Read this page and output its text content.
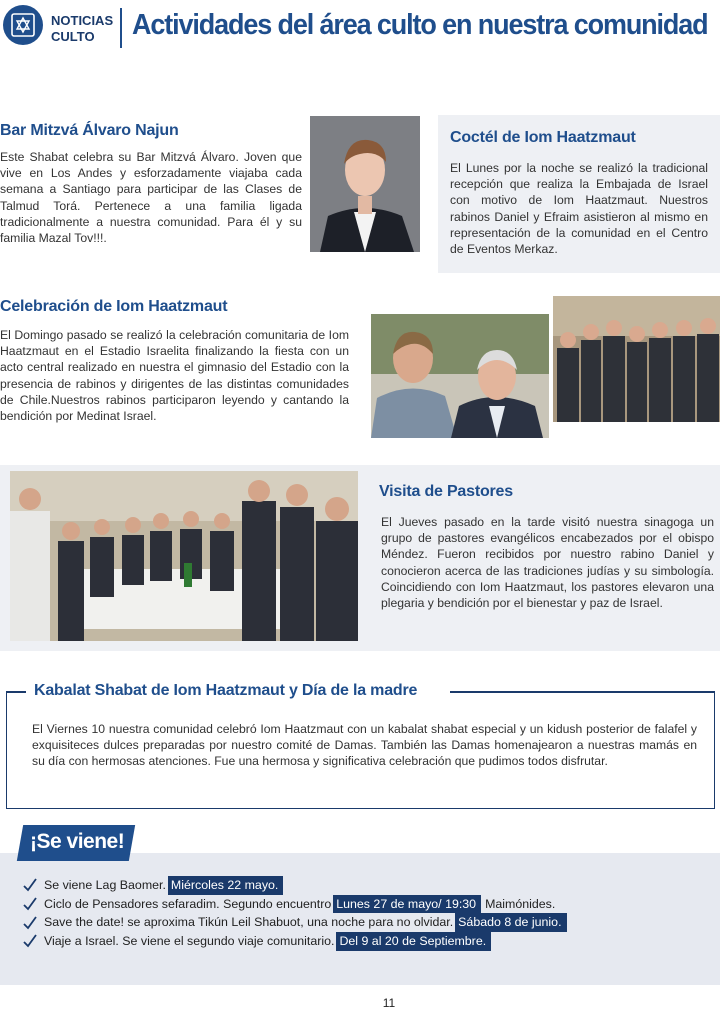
NOTICIAS
CULTO	Actividades del área culto en nuestra comunidad
Bar Mitzvá Álvaro Najun

Este Shabat celebra su Bar Mitzvá Álvaro. Joven que vive en Los Andes y esforzadamente viajaba cada semana a Santiago para participar de las Clases de Talmud Torá. Pertenece a una familia ligada tradicionalmente a nuestra comunidad. Para él y su familia Mazal Tov!!!.

Coctél de Iom Haatzmaut

El Lunes por la noche se realizó la tradicional recepción que realiza la Embajada de Israel con motivo de Iom Haatzmaut. Nuestros rabinos Daniel y Efraim asistieron al mismo en representación de la comunidad en el Centro de Eventos Merkaz.

Celebración de Iom Haatzmaut

El Domingo pasado se realizó la celebración comunitaria de Iom Haatzmaut en el Estadio Israelita finalizando la fiesta con un acto central realizado en nuestra el gimnasio del Estadio con la presencia de rabinos y dirigentes de las distintas comunidades de Chile.Nuestros rabinos participaron leyendo y cantando la bendición por Medinat Israel.

Visita de Pastores

El Jueves pasado en la tarde visitó nuestra sinagoga un grupo de pastores evangélicos encabezados por el obispo Méndez. Fueron recibidos por nuestro rabino Daniel y conocieron acerca de las tradiciones judías y su simbología. Coincidiendo con Iom Haatzmaut, los pastores elevaron una plegaria y bendición por el bienestar y paz de Israel.

Kabalat Shabat de Iom Haatzmaut y Día de la madre

El Viernes 10 nuestra comunidad celebró Iom Haatzmaut con un kabalat shabat especial y un kidush posterior de falafel y exquisiteces dulces preparadas por nuestro comité de Damas. También las Damas homenajearon a nuestras mamás en su día con hermosas atenciones. Fue una hermosa y significativa celebración que pudimos todos disfrutar.

¡Se viene!
Se viene Lag Baomer. Miércoles 22 mayo.
Ciclo de Pensadores sefaradim. Segundo encuentro Lunes 27 de mayo/ 19:30 Maimónides.
Save the date! se aproxima Tikún Leil Shabuot, una noche para no olvidar. Sábado 8 de junio.
Viaje a Israel. Se viene el segundo viaje comunitario. Del 9 al 20 de Septiembre.
11
